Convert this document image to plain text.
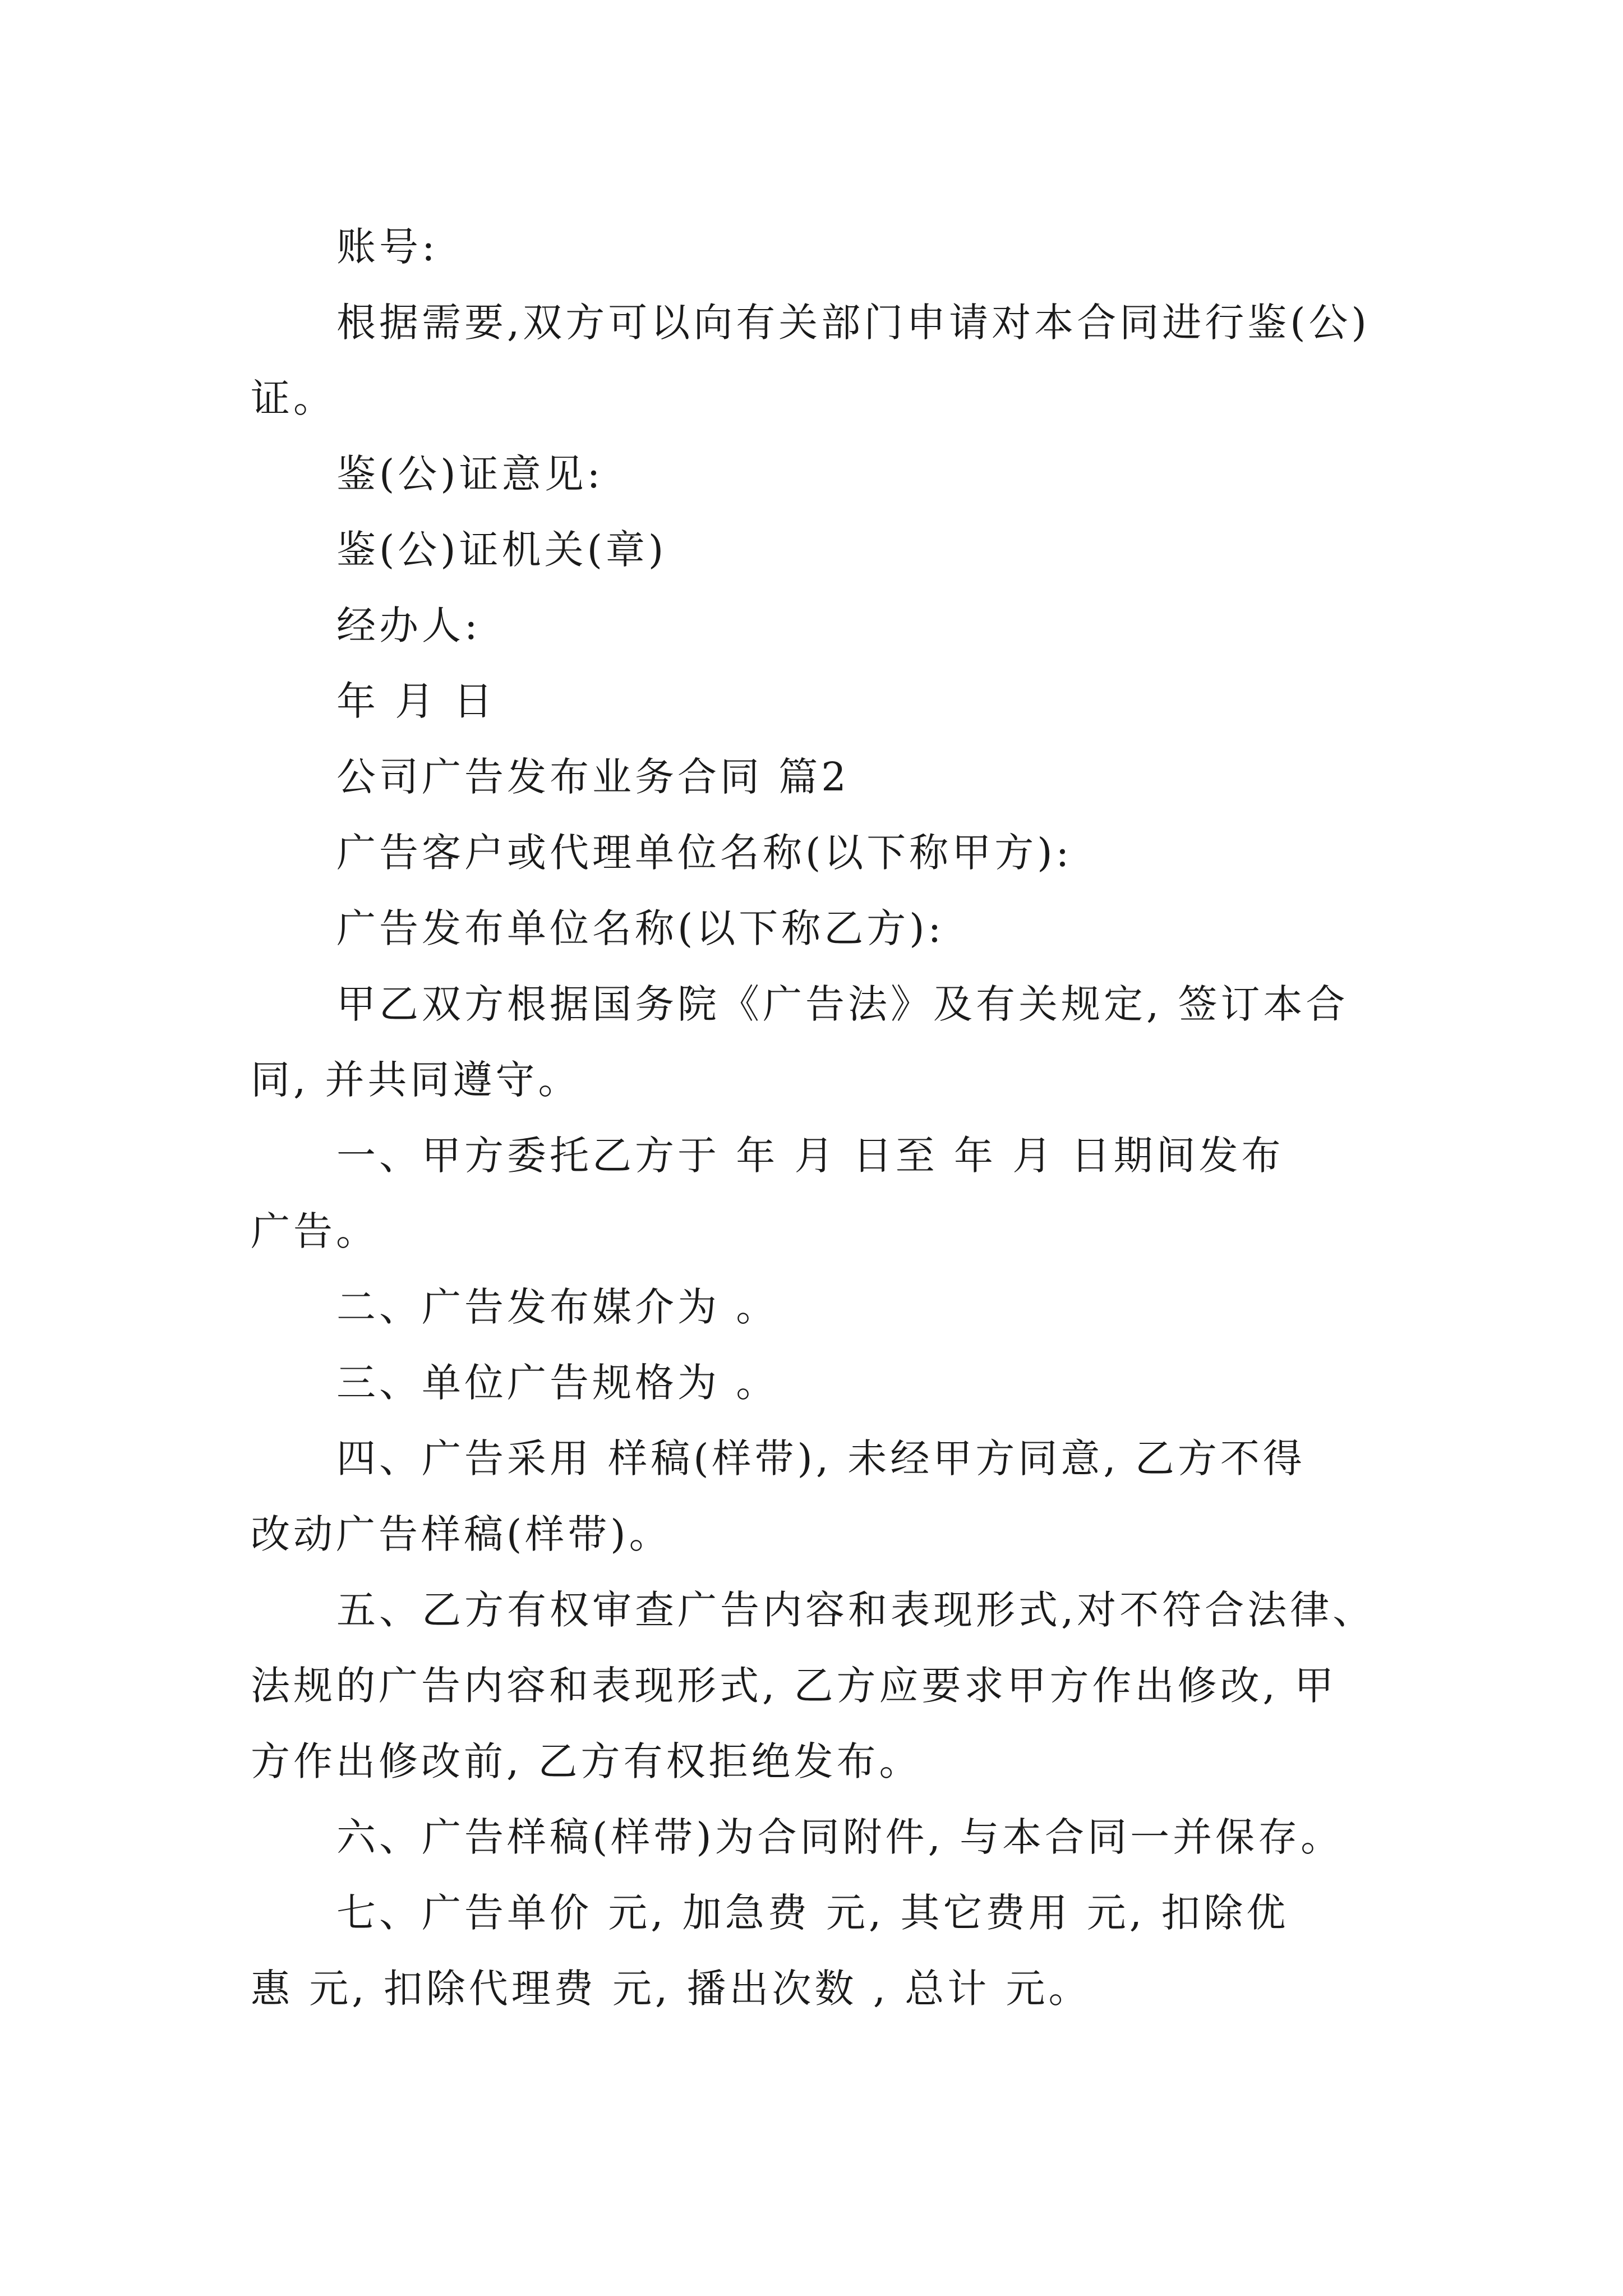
账号:
根据需要,双方可以向有关部门申请对本合同进行鉴(公)
证。
鉴(公)证意见:
鉴(公)证机关(章)
经办人:
年 月 日
公司广告发布业务合同 篇2
广告客户或代理单位名称(以下称甲方):
广告发布单位名称(以下称乙方):
甲乙双方根据国务院《广告法》及有关规定, 签订本合
同, 并共同遵守。
一、甲方委托乙方于 年 月 日至 年 月 日期间发布
广告。
二、广告发布媒介为 。
三、单位广告规格为 。
四、广告采用 样稿(样带), 未经甲方同意, 乙方不得
改动广告样稿(样带)。
五、乙方有权审查广告内容和表现形式,对不符合法律、
法规的广告内容和表现形式, 乙方应要求甲方作出修改, 甲
方作出修改前, 乙方有权拒绝发布。
六、广告样稿(样带)为合同附件, 与本合同一并保存。
七、广告单价 元, 加急费 元, 其它费用 元, 扣除优
惠 元, 扣除代理费 元, 播出次数 , 总计 元。
